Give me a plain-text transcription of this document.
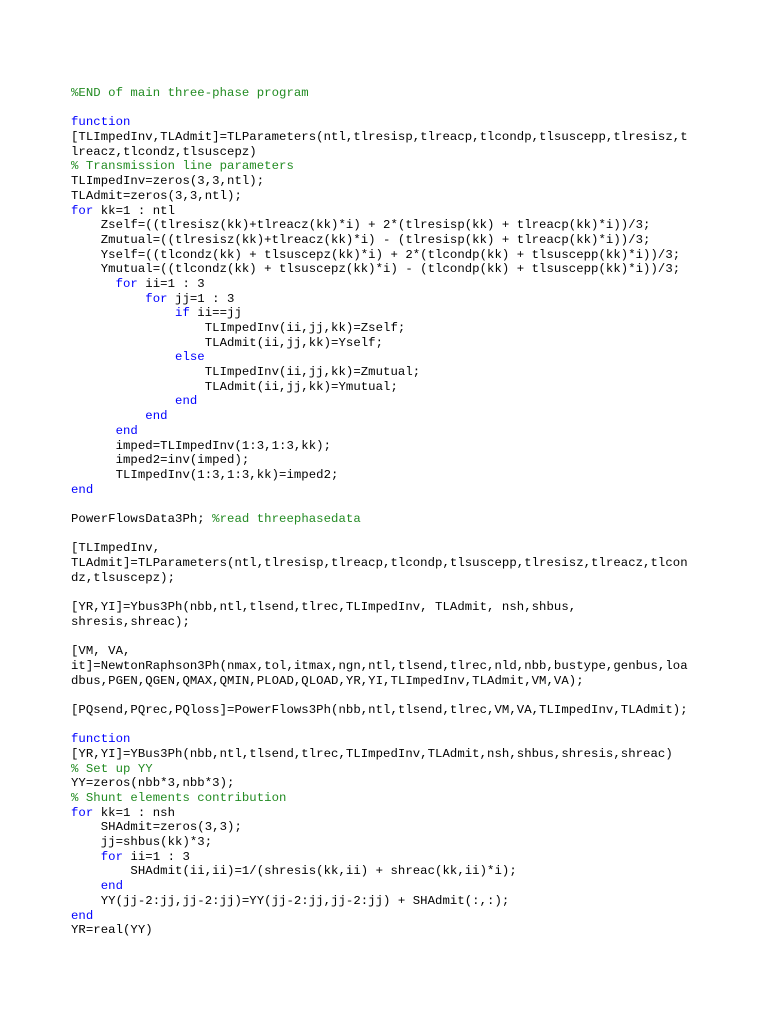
%END of main three-phase program

function
[TLImpedInv,TLAdmit]=TLParameters(ntl,tlresisp,tlreacp,tlcondp,tlsuscepp,tlresisz,t
lreacz,tlcondz,tlsuscepz)
% Transmission line parameters
TLImpedInv=zeros(3,3,ntl);
TLAdmit=zeros(3,3,ntl);
for kk=1 : ntl
Zself=((tlresisz(kk)+tlreacz(kk)*i) + 2*(tlresisp(kk) + tlreacp(kk)*i))/3;
Zmutual=((tlresisz(kk)+tlreacz(kk)*i) - (tlresisp(kk) + tlreacp(kk)*i))/3;
Yself=((tlcondz(kk) + tlsuscepz(kk)*i) + 2*(tlcondp(kk) + tlsuscepp(kk)*i))/3;
Ymutual=((tlcondz(kk) + tlsuscepz(kk)*i) - (tlcondp(kk) + tlsuscepp(kk)*i))/3;
for ii=1 : 3
for jj=1 : 3
if ii==jj
TLImpedInv(ii,jj,kk)=Zself;
TLAdmit(ii,jj,kk)=Yself;
else
TLImpedInv(ii,jj,kk)=Zmutual;
TLAdmit(ii,jj,kk)=Ymutual;
end
end
end
imped=TLImpedInv(1:3,1:3,kk);
imped2=inv(imped);
TLImpedInv(1:3,1:3,kk)=imped2;
end

PowerFlowsData3Ph; %read threephasedata

[TLImpedInv,
TLAdmit]=TLParameters(ntl,tlresisp,tlreacp,tlcondp,tlsuscepp,tlresisz,tlreacz,tlcon
dz,tlsuscepz);

[YR,YI]=Ybus3Ph(nbb,ntl,tlsend,tlrec,TLImpedInv, TLAdmit, nsh,shbus,
shresis,shreac);

[VM, VA,
it]=NewtonRaphson3Ph(nmax,tol,itmax,ngn,ntl,tlsend,tlrec,nld,nbb,bustype,genbus,loa
dbus,PGEN,QGEN,QMAX,QMIN,PLOAD,QLOAD,YR,YI,TLImpedInv,TLAdmit,VM,VA);

[PQsend,PQrec,PQloss]=PowerFlows3Ph(nbb,ntl,tlsend,tlrec,VM,VA,TLImpedInv,TLAdmit);

function
[YR,YI]=YBus3Ph(nbb,ntl,tlsend,tlrec,TLImpedInv,TLAdmit,nsh,shbus,shresis,shreac)
% Set up YY
YY=zeros(nbb*3,nbb*3);
% Shunt elements contribution
for kk=1 : nsh
SHAdmit=zeros(3,3);
jj=shbus(kk)*3;
for ii=1 : 3
SHAdmit(ii,ii)=1/(shresis(kk,ii) + shreac(kk,ii)*i);
end
YY(jj-2:jj,jj-2:jj)=YY(jj-2:jj,jj-2:jj) + SHAdmit(:,:);
end
YR=real(YY)
